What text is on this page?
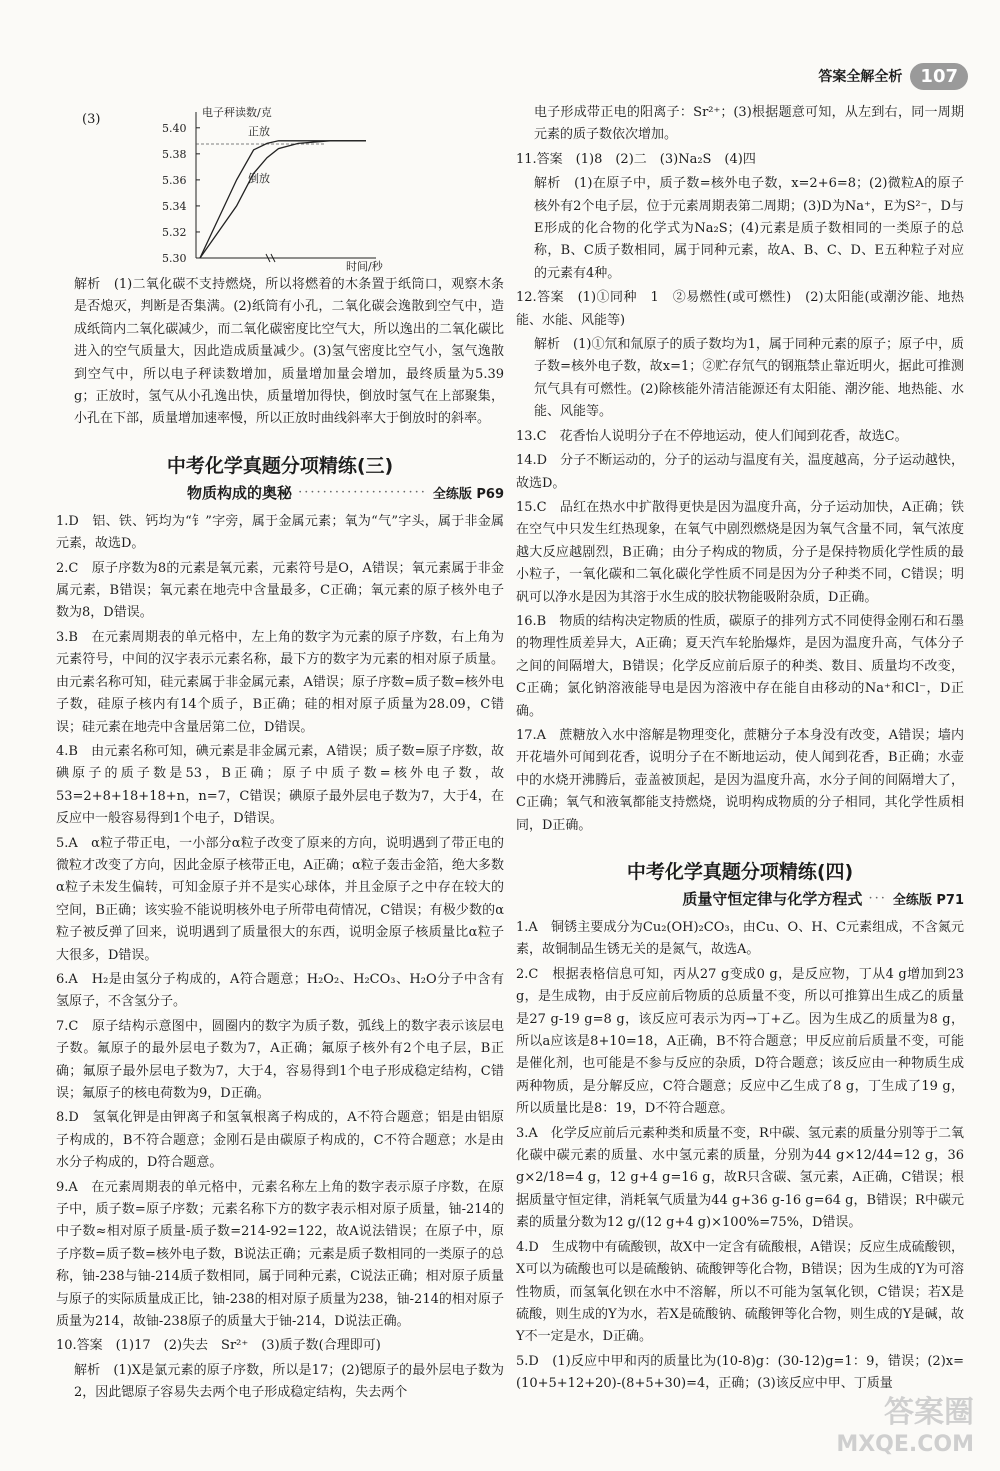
答案全解全析	107
(3)	电子秤读数/克
时间/秒
5.40
5.38
5.36
5.34
5.32
5.30
正放
倒放

解析　(1)二氧化碳不支持燃烧，所以将燃着的木条置于纸筒口，观察木条是否熄灭，判断是否集满。(2)纸筒有小孔，二氧化碳会逸散到空气中，造成纸筒内二氧化碳减少，而二氧化碳密度比空气大，所以逸出的二氧化碳比进入的空气质量大，因此造成质量减少。(3)氢气密度比空气小，氢气逸散到空气中，所以电子秤读数增加，质量增加量会增加，最终质量为5.39 g；正放时，氢气从小孔逸出快，质量增加得快，倒放时氢气在上部聚集，小孔在下部，质量增加速率慢，所以正放时曲线斜率大于倒放时的斜率。

中考化学真题分项精练(三)
物质构成的奥秘 ····················· 全练版 P69

1.D　铝、铁、钙均为“钅”字旁，属于金属元素；氧为“气”字头，属于非金属元素，故选D。

2.C　原子序数为8的元素是氧元素，元素符号是O，A错误；氧元素属于非金属元素，B错误；氧元素在地壳中含量最多，C正确；氧元素的原子核外电子数为8，D错误。

3.B　在元素周期表的单元格中，左上角的数字为元素的原子序数，右上角为元素符号，中间的汉字表示元素名称，最下方的数字为元素的相对原子质量。由元素名称可知，硅元素属于非金属元素，A错误；原子序数=质子数=核外电子数，硅原子核内有14个质子，B正确；硅的相对原子质量为28.09，C错误；硅元素在地壳中含量居第二位，D错误。

4.B　由元素名称可知，碘元素是非金属元素，A错误；质子数=原子序数，故碘原子的质子数是53，B正确；原子中质子数=核外电子数，故53=2+8+18+18+n，n=7，C错误；碘原子最外层电子数为7，大于4，在反应中一般容易得到1个电子，D错误。

5.A　α粒子带正电，一小部分α粒子改变了原来的方向，说明遇到了带正电的微粒才改变了方向，因此金原子核带正电，A正确；α粒子轰击金箔，绝大多数α粒子未发生偏转，可知金原子并不是实心球体，并且金原子之中存在较大的空间，B正确；该实验不能说明核外电子所带电荷情况，C错误；有极少数的α粒子被反弹了回来，说明遇到了质量很大的东西，说明金原子核质量比α粒子大很多，D错误。

6.A　H₂是由氢分子构成的，A符合题意；H₂O₂、H₂CO₃、H₂O分子中含有氢原子，不含氢分子。

7.C　原子结构示意图中，圆圈内的数字为质子数，弧线上的数字表示该层电子数。氟原子的最外层电子数为7，A正确；氟原子核外有2个电子层，B正确；氟原子最外层电子数为7，大于4，容易得到1个电子形成稳定结构，C错误；氟原子的核电荷数为9，D正确。

8.D　氢氧化钾是由钾离子和氢氧根离子构成的，A不符合题意；铝是由铝原子构成的，B不符合题意；金刚石是由碳原子构成的，C不符合题意；水是由水分子构成的，D符合题意。

9.A　在元素周期表的单元格中，元素名称左上角的数字表示原子序数，在原子中，质子数=原子序数；元素名称下方的数字表示相对原子质量，铀-214的中子数≈相对原子质量-质子数=214-92=122，故A说法错误；在原子中，原子序数=质子数=核外电子数，B说法正确；元素是质子数相同的一类原子的总称，铀-238与铀-214质子数相同，属于同种元素，C说法正确；相对原子质量与原子的实际质量成正比，铀-238的相对原子质量为238，铀-214的相对原子质量为214，故铀-238原子的质量大于铀-214，D说法正确。

10.答案　(1)17　(2)失去　Sr²⁺　(3)质子数(合理即可)

解析　(1)X是氯元素的原子序数，所以是17；(2)锶原子的最外层电子数为2，因此锶原子容易失去两个电子形成稳定结构，失去两个

电子形成带正电的阳离子：Sr²⁺；(3)根据题意可知，从左到右，同一周期元素的质子数依次增加。

11.答案　(1)8　(2)二　(3)Na₂S　(4)四

解析　(1)在原子中，质子数=核外电子数，x=2+6=8；(2)微粒A的原子核外有2个电子层，位于元素周期表第二周期；(3)D为Na⁺，E为S²⁻，D与E形成的化合物的化学式为Na₂S；(4)元素是质子数相同的一类原子的总称，B、C质子数相同，属于同种元素，故A、B、C、D、E五种粒子对应的元素有4种。

12.答案　(1)①同种　1　②易燃性(或可燃性)　(2)太阳能(或潮汐能、地热能、水能、风能等)

解析　(1)①氘和氚原子的质子数均为1，属于同种元素的原子；原子中，质子数=核外电子数，故x=1；②贮存氘气的钢瓶禁止靠近明火，据此可推测氘气具有可燃性。(2)除核能外清洁能源还有太阳能、潮汐能、地热能、水能、风能等。

13.C　花香怡人说明分子在不停地运动，使人们闻到花香，故选C。

14.D　分子不断运动的，分子的运动与温度有关，温度越高，分子运动越快，故选D。

15.C　品红在热水中扩散得更快是因为温度升高，分子运动加快，A正确；铁在空气中只发生红热现象，在氧气中剧烈燃烧是因为氧气含量不同，氧气浓度越大反应越剧烈，B正确；由分子构成的物质，分子是保持物质化学性质的最小粒子，一氧化碳和二氧化碳化学性质不同是因为分子种类不同，C错误；明矾可以净水是因为其溶于水生成的胶状物能吸附杂质，D正确。

16.B　物质的结构决定物质的性质，碳原子的排列方式不同使得金刚石和石墨的物理性质差异大，A正确；夏天汽车轮胎爆炸，是因为温度升高，气体分子之间的间隔增大，B错误；化学反应前后原子的种类、数目、质量均不改变，C正确；氯化钠溶液能导电是因为溶液中存在能自由移动的Na⁺和Cl⁻，D正确。

17.A　蔗糖放入水中溶解是物理变化，蔗糖分子本身没有改变，A错误；墙内开花墙外可闻到花香，说明分子在不断地运动，使人闻到花香，B正确；水壶中的水烧开沸腾后，壶盖被顶起，是因为温度升高，水分子间的间隔增大了，C正确；氧气和液氧都能支持燃烧，说明构成物质的分子相同，其化学性质相同，D正确。

中考化学真题分项精练(四)
质量守恒定律与化学方程式 ··· 全练版 P71

1.A　铜锈主要成分为Cu₂(OH)₂CO₃，由Cu、O、H、C元素组成，不含氮元素，故铜制品生锈无关的是氮气，故选A。

2.C　根据表格信息可知，丙从27 g变成0 g，是反应物，丁从4 g增加到23 g，是生成物，由于反应前后物质的总质量不变，所以可推算出生成乙的质量是27 g-19 g=8 g，该反应可表示为丙→丁+乙。因为生成乙的质量为8 g，所以a应该是8+10=18，A正确，B不符合题意；甲反应前后质量不变，可能是催化剂，也可能是不参与反应的杂质，D符合题意；该反应由一种物质生成两种物质，是分解反应，C符合题意；反应中乙生成了8 g，丁生成了19 g，所以质量比是8：19，D不符合题意。

3.A　化学反应前后元素种类和质量不变，R中碳、氢元素的质量分别等于二氧化碳中碳元素的质量、水中氢元素的质量，分别为44 g×12/44=12 g，36 g×2/18=4 g，12 g+4 g=16 g，故R只含碳、氢元素，A正确，C错误；根据质量守恒定律，消耗氧气质量为44 g+36 g-16 g=64 g，B错误；R中碳元素的质量分数为12 g/(12 g+4 g)×100%=75%，D错误。

4.D　生成物中有硫酸钡，故X中一定含有硫酸根，A错误；反应生成硫酸钡，X可以为硫酸也可以是硫酸钠、硫酸钾等化合物，B错误；因为生成的Y为可溶性物质，而氢氧化钡在水中不溶解，所以不可能为氢氧化钡，C错误；若X是硫酸，则生成的Y为水，若X是硫酸钠、硫酸钾等化合物，则生成的Y是碱，故Y不一定是水，D正确。

5.D　(1)反应中甲和丙的质量比为(10-8)g：(30-12)g=1：9，错误；(2)x=(10+5+12+20)-(8+5+30)=4，正确；(3)该反应中甲、丁质量

答案圈
MXQE.COM
